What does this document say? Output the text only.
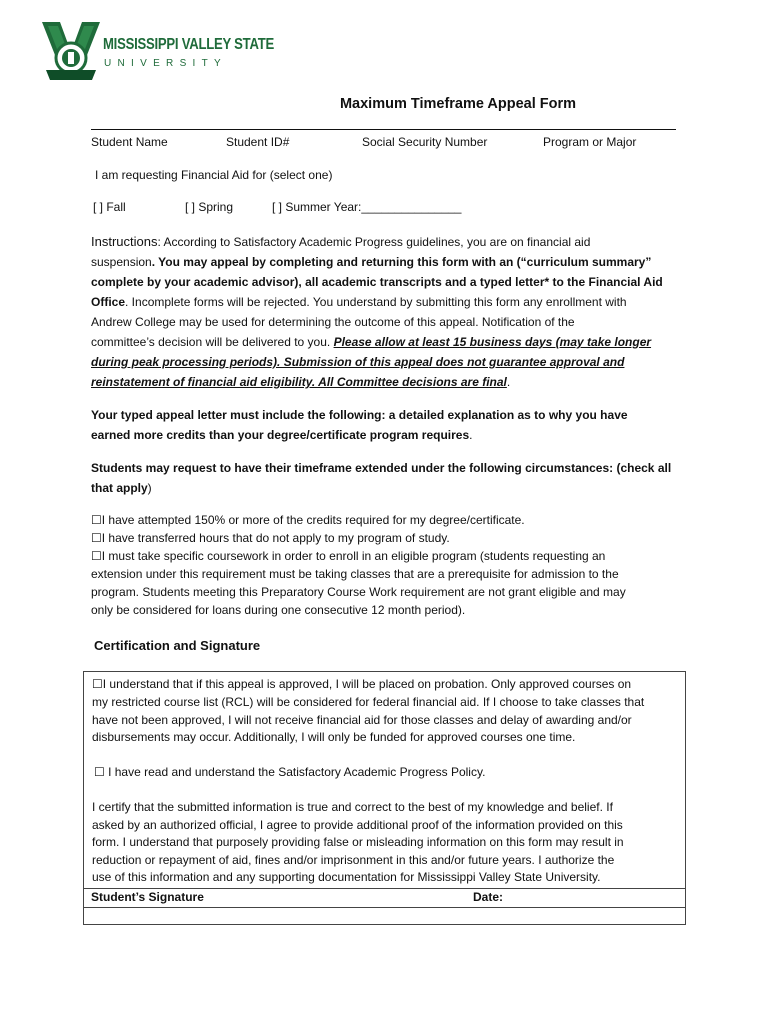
MISSISSIPPI VALLEY STATE
UNIVERSITY
Maximum Timeframe Appeal Form
Student Name	Student ID#	Social Security Number	Program or Major
I am requesting Financial Aid for (select one)
[ ] Fall	[ ] Spring	[ ] Summer Year:_______________

Instructions: According to Satisfactory Academic Progress guidelines, you are on financial aid

suspension. You may appeal by completing and returning this form with an (“curriculum summary”

complete by your academic advisor), all academic transcripts and a typed letter* to the Financial Aid

Office. Incomplete forms will be rejected. You understand by submitting this form any enrollment with

Andrew College may be used for determining the outcome of this appeal. Notification of the

committee’s decision will be delivered to you. Please allow at least 15 business days (may take longer

during peak processing periods). Submission of this appeal does not guarantee approval and

reinstatement of financial aid eligibility. All Committee decisions are final.

Your typed appeal letter must include the following: a detailed explanation as to why you have

earned more credits than your degree/certificate program requires.

Students may request to have their timeframe extended under the following circumstances: (check all

that apply)

☐I have attempted 150% or more of the credits required for my degree/certificate.

☐I have transferred hours that do not apply to my program of study.

☐I must take specific coursework in order to enroll in an eligible program (students requesting an

extension under this requirement must be taking classes that are a prerequisite for admission to the

program. Students meeting this Preparatory Course Work requirement are not grant eligible and may

only be considered for loans during one consecutive 12 month period).

Certification and Signature

☐I understand that if this appeal is approved, I will be placed on probation. Only approved courses on

my restricted course list (RCL) will be considered for federal financial aid. If I choose to take classes that

have not been approved, I will not receive financial aid for those classes and delay of awarding and/or

disbursements may occur. Additionally, I will only be funded for approved courses one time.

☐ I have read and understand the Satisfactory Academic Progress Policy.

I certify that the submitted information is true and correct to the best of my knowledge and belief. If

asked by an authorized official, I agree to provide additional proof of the information provided on this

form. I understand that purposely providing false or misleading information on this form may result in

reduction or repayment of aid, fines and/or imprisonment in this and/or future years. I authorize the

use of this information and any supporting documentation for Mississippi Valley State University.

Student’s Signature	Date:
